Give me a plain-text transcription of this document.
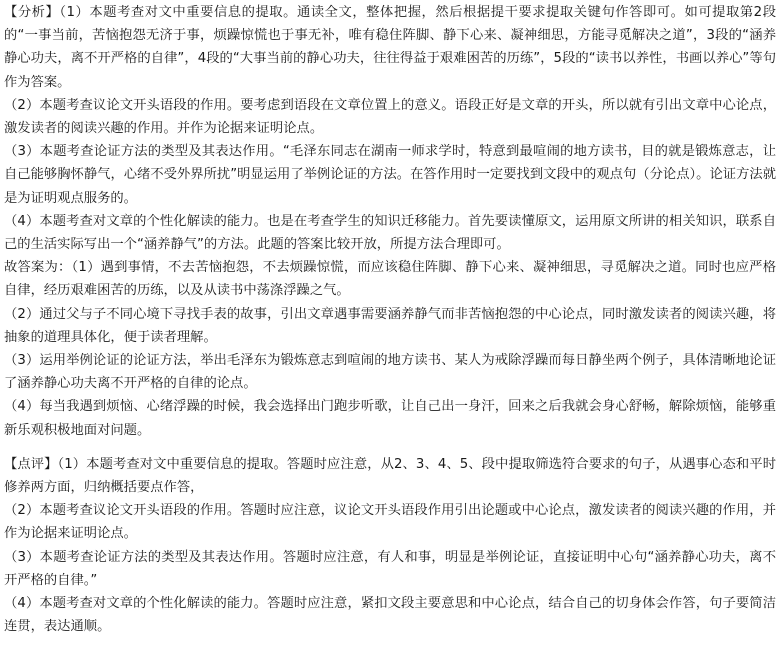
【分析】（1）本题考查对文中重要信息的提取。通读全文，整体把握，然后根据提干要求提取关键句作答即可。如可提取第2段的“一事当前，苦恼抱怨无济于事，烦躁惊慌也于事无补，唯有稳住阵脚、静下心来、凝神细思，方能寻觅解决之道”，3段的“涵养静心功夫，离不开严格的自律”，4段的“大事当前的静心功夫，往往得益于艰难困苦的历练”，5段的“读书以养性，书画以养心”等句作为答案。

（2）本题考查议论文开头语段的作用。要考虑到语段在文章位置上的意义。语段正好是文章的开头，所以就有引出文章中心论点，激发读者的阅读兴趣的作用。并作为论据来证明论点。

（3）本题考查论证方法的类型及其表达作用。“毛泽东同志在湖南一师求学时，特意到最喧闹的地方读书，目的就是锻炼意志，让自己能够胸怀静气，心绪不受外界所扰”明显运用了举例论证的方法。在答作用时一定要找到文段中的观点句（分论点）。论证方法就是为证明观点服务的。

（4）本题考查对文章的个性化解读的能力。也是在考查学生的知识迁移能力。首先要读懂原文，运用原文所讲的相关知识，联系自己的生活实际写出一个“涵养静气”的方法。此题的答案比较开放，所提方法合理即可。

故答案为：（1）遇到事情，不去苦恼抱怨，不去烦躁惊慌，而应该稳住阵脚、静下心来、凝神细思，寻觅解决之道。同时也应严格自律，经历艰难困苦的历练，以及从读书中荡涤浮躁之气。

（2）通过父与子不同心境下寻找手表的故事，引出文章遇事需要涵养静气而非苦恼抱怨的中心论点，同时激发读者的阅读兴趣，将抽象的道理具体化，便于读者理解。

（3）运用举例论证的论证方法，举出毛泽东为锻炼意志到喧闹的地方读书、某人为戒除浮躁而每日静坐两个例子，具体清晰地论证了涵养静心功夫离不开严格的自律的论点。

（4）每当我遇到烦恼、心绪浮躁的时候，我会选择出门跑步听歌，让自己出一身汗，回来之后我就会身心舒畅，解除烦恼，能够重新乐观积极地面对问题。

【点评】（1）本题考查对文中重要信息的提取。答题时应注意，从2、3、4、5、段中提取筛选符合要求的句子，从遇事心态和平时修养两方面，归纳概括要点作答，

（2）本题考查议论文开头语段的作用。答题时应注意，议论文开头语段作用引出论题或中心论点，激发读者的阅读兴趣的作用，并作为论据来证明论点。

（3）本题考查论证方法的类型及其表达作用。答题时应注意，有人和事，明显是举例论证，直接证明中心句“涵养静心功夫，离不开严格的自律。”

（4）本题考查对文章的个性化解读的能力。答题时应注意，紧扣文段主要意思和中心论点，结合自己的切身体会作答，句子要简洁连贯，表达通顺。
